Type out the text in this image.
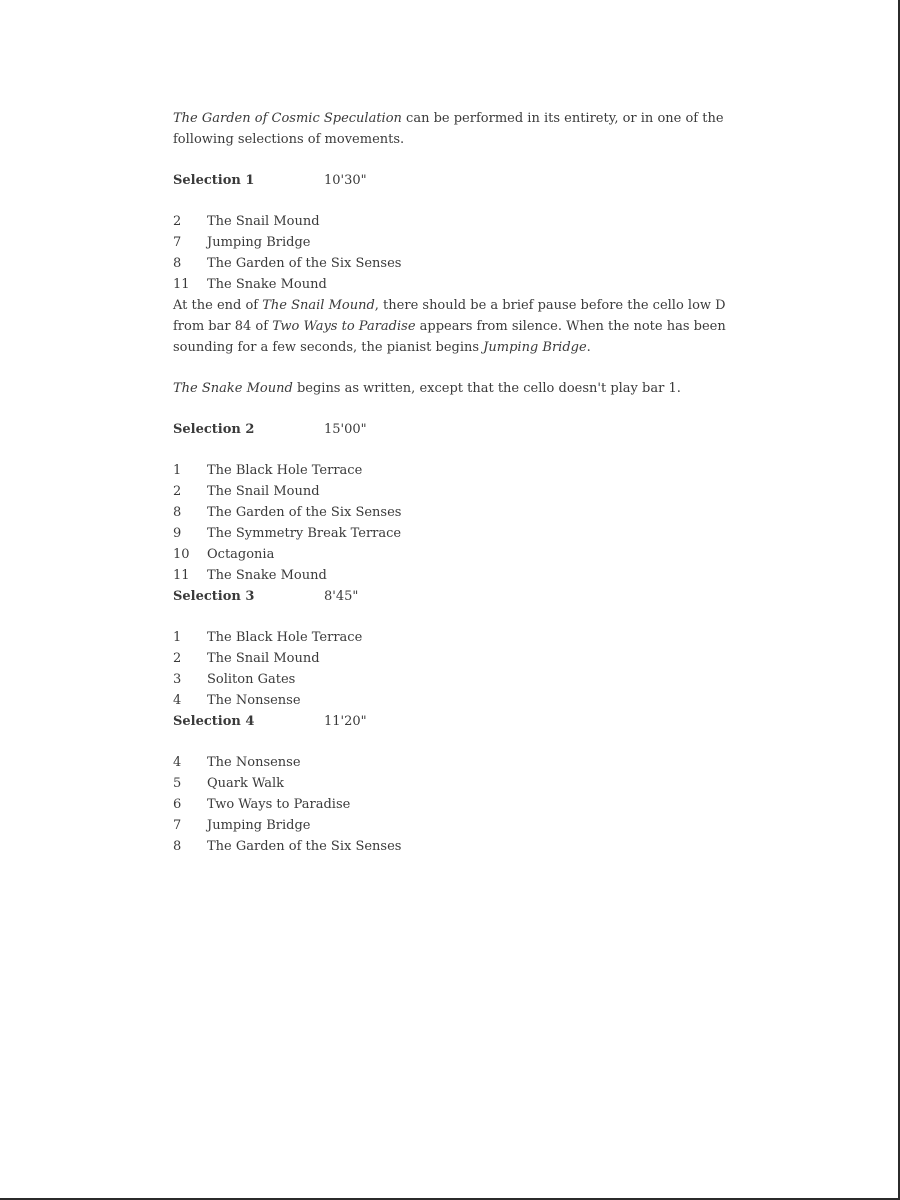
The Garden of Cosmic Speculation can be performed in its entirety, or in one of the following selections of movements.

Selection 1	10'30"
2	The Snail Mound
7	Jumping Bridge
8	The Garden of the Six Senses
11	The Snake Mound

At the end of The Snail Mound, there should be a brief pause before the cello low D from bar 84 of Two Ways to Paradise appears from silence. When the note has been sounding for a few seconds, the pianist begins Jumping Bridge.

The Snake Mound begins as written, except that the cello doesn't play bar 1.

Selection 2	15'00"
1	The Black Hole Terrace
2	The Snail Mound
8	The Garden of the Six Senses
9	The Symmetry Break Terrace
10	Octagonia
11	The Snake Mound
Selection 3	8'45"
1	The Black Hole Terrace
2	The Snail Mound
3	Soliton Gates
4	The Nonsense
Selection 4	11'20"
4	The Nonsense
5	Quark Walk
6	Two Ways to Paradise
7	Jumping Bridge
8	The Garden of the Six Senses
